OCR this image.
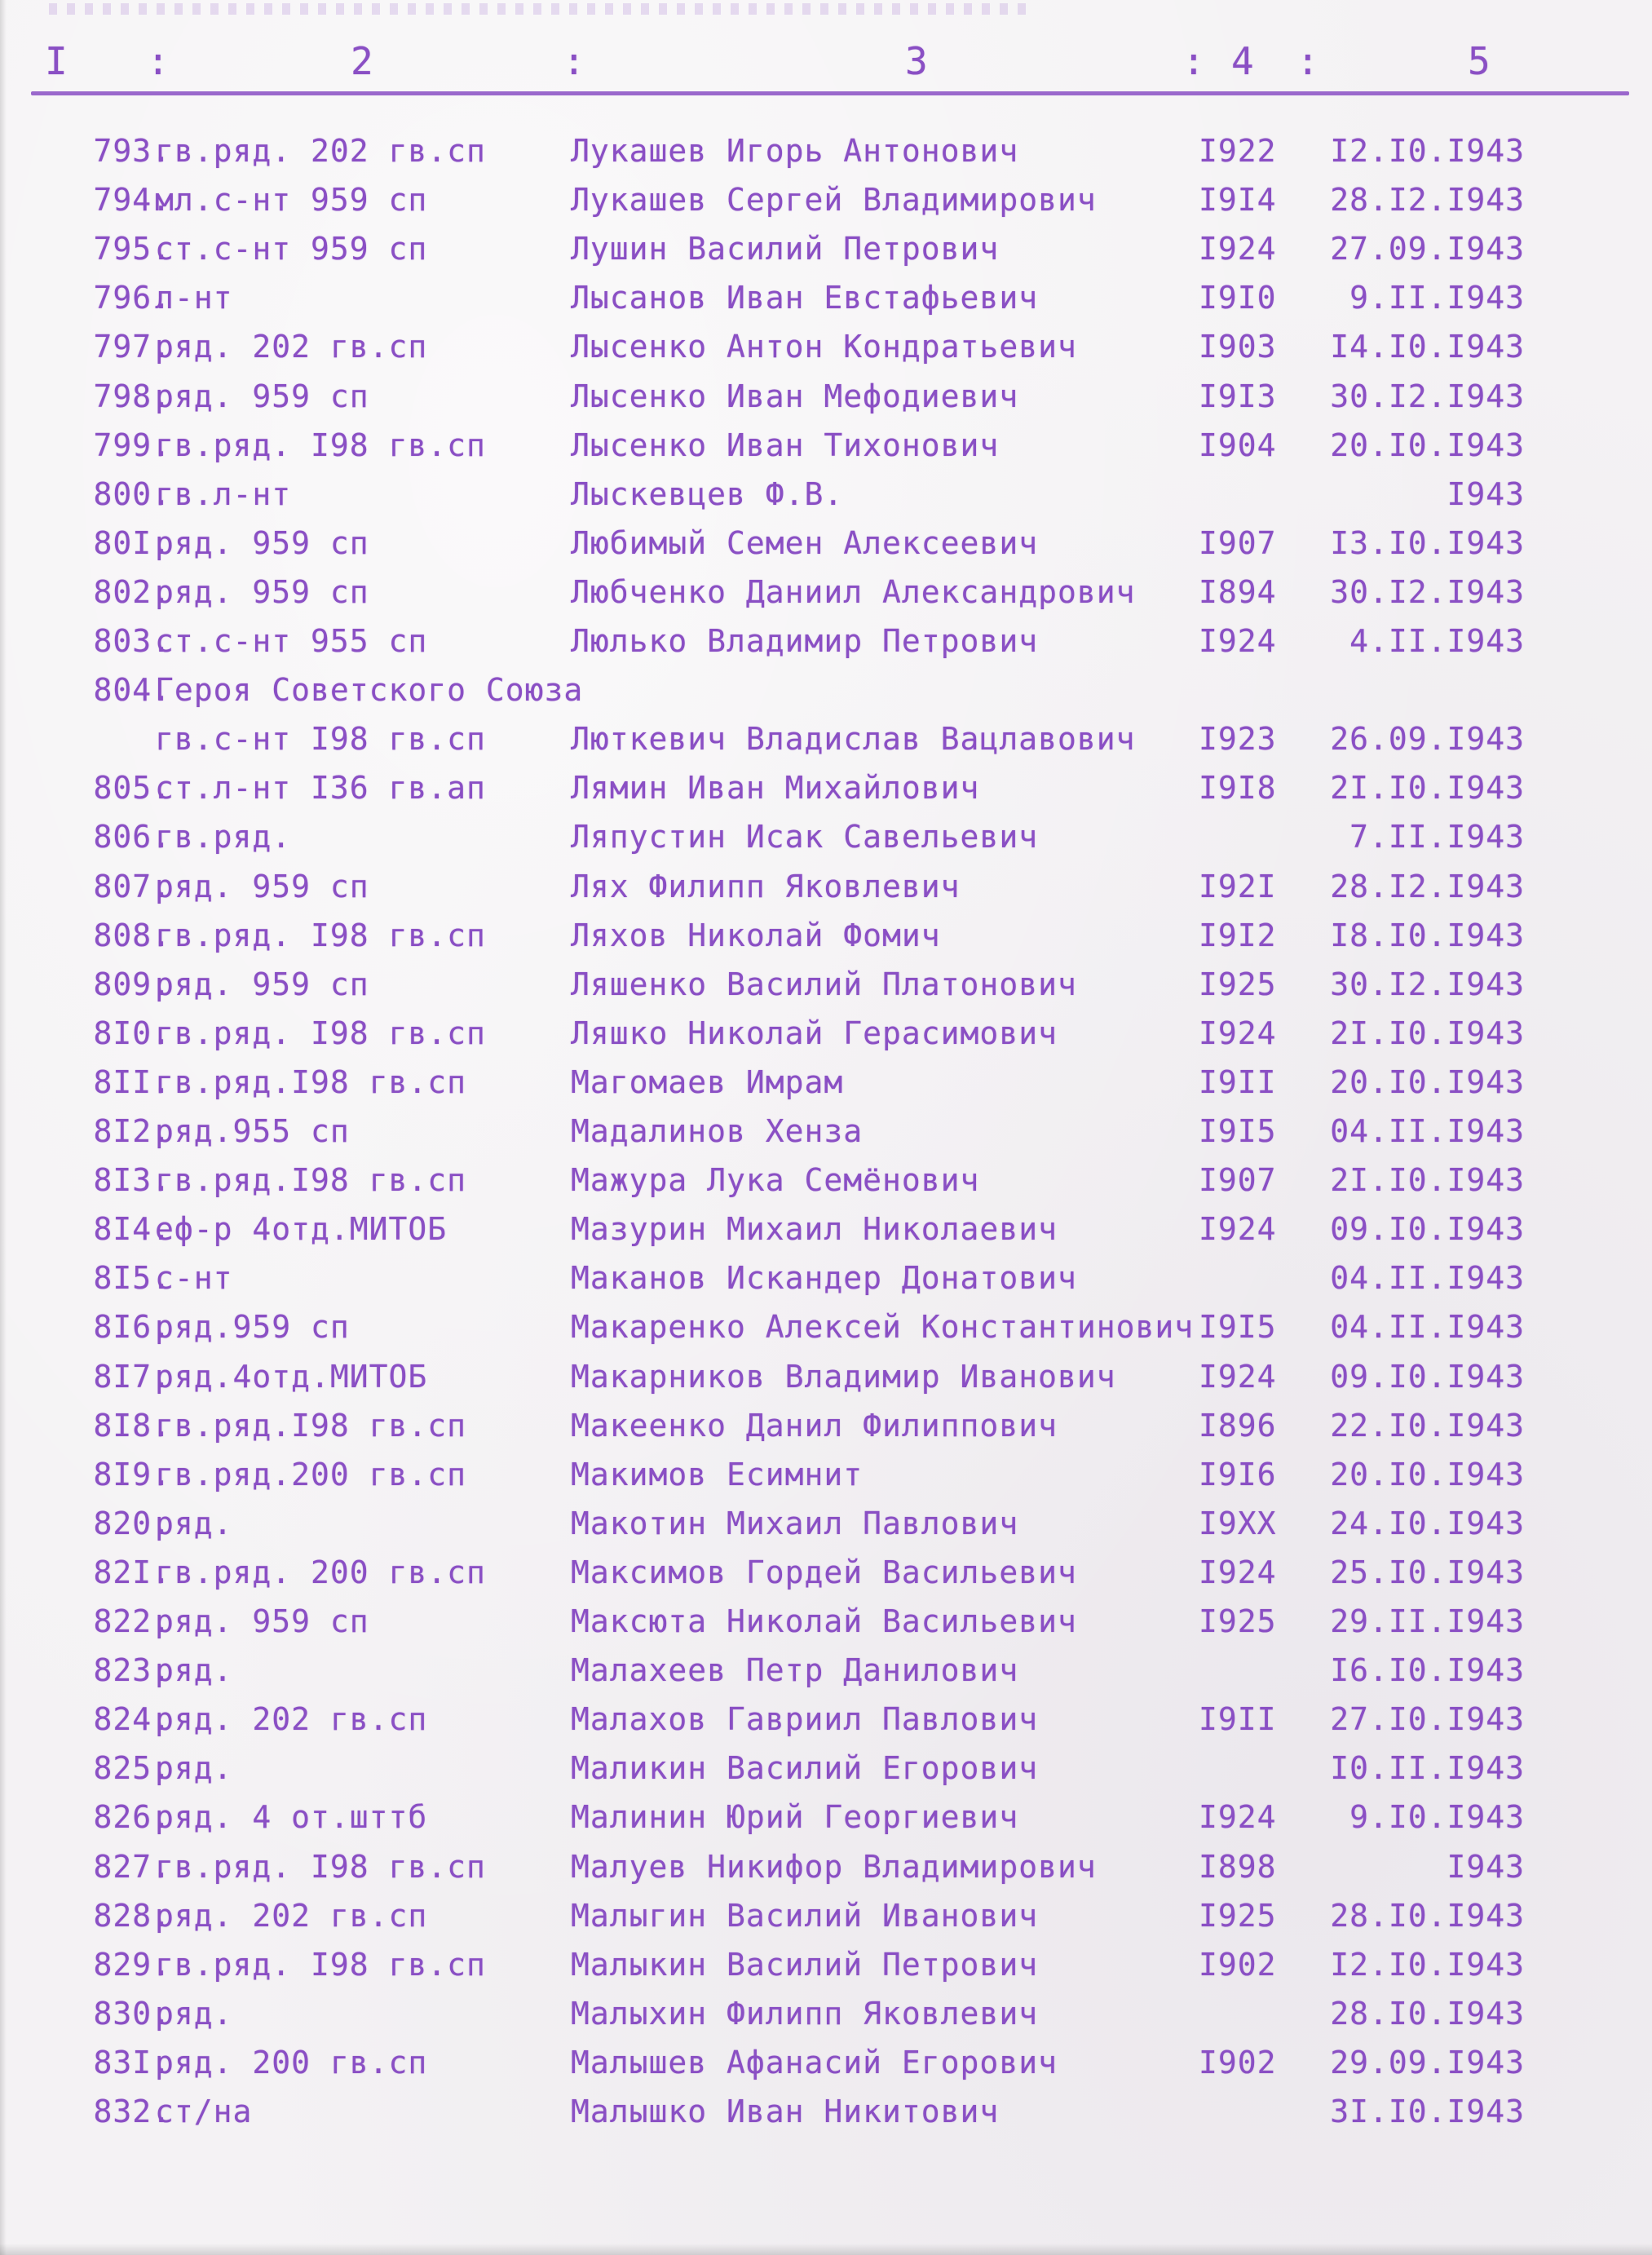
I :	2	:	3	: 4 :	5
793.
гв.ряд. 202 гв.сп	Лукашев Игорь Антонович	I922	I2.I0.I943
794.
мл.с-нт 959 сп	Лукашев Сергей Владимирович	I9I4	28.I2.I943
795.
ст.с-нт 959 сп	Лушин Василий Петрович	I924	27.09.I943
796.
л-нт	Лысанов Иван Евстафьевич	I9I0	9.II.I943
797.
ряд. 202 гв.сп	Лысенко Антон Кондратьевич	I903	I4.I0.I943
798.
ряд. 959 сп	Лысенко Иван Мефодиевич	I9I3	30.I2.I943
799.
гв.ряд. I98 гв.сп	Лысенко Иван Тихонович	I904	20.I0.I943
800.
гв.л-нт	Лыскевцев Ф.В.	I943
80I.
ряд. 959 сп	Любимый Семен Алексеевич	I907	I3.I0.I943
802.
ряд. 959 сп	Любченко Даниил Александрович I894	30.I2.I943
803.
ст.с-нт 955 сп	Люлько Владимир Петрович	I924	4.II.I943
804.
Героя Советского Союза
гв.с-нт I98 гв.сп	Люткевич Владислав Вацлавович I923	26.09.I943
805.
ст.л-нт I36 гв.ап	Лямин Иван Михайлович	I9I8	2I.I0.I943
806.
гв.ряд.	Ляпустин Исак Савельевич	7.II.I943
807.
ряд. 959 сп	Лях Филипп Яковлевич	I92I	28.I2.I943
808.
гв.ряд. I98 гв.сп	Ляхов Николай Фомич	I9I2	I8.I0.I943
809.
ряд. 959 сп	Ляшенко Василий Платонович	I925	30.I2.I943
8I0.
гв.ряд. I98 гв.сп	Ляшко Николай Герасимович	I924	2I.I0.I943
8II.
гв.ряд.I98 гв.сп	Магомаев Имрам	I9II	20.I0.I943
8I2.
ряд.955 сп	Мадалинов Хенза	I9I5	04.II.I943
8I3.
гв.ряд.I98 гв.сп	Мажура Лука Семёнович	I907	2I.I0.I943
8I4.
еф-р 4отд.МИТОБ	Мазурин Михаил Николаевич	I924	09.I0.I943
8I5.
с-нт	Маканов Искандер Донатович	04.II.I943
8I6.
ряд.959 сп	Макаренко Алексей Константинович I9I5	04.II.I943
8I7.
ряд.4отд.МИТОБ	Макарников Владимир Иванович	I924	09.I0.I943
8I8.
гв.ряд.I98 гв.сп	Макеенко Данил Филиппович	I896	22.I0.I943
8I9.
гв.ряд.200 гв.сп	Макимов Есимнит	I9I6	20.I0.I943
820.
ряд.	Макотин Михаил Павлович	I9XX	24.I0.I943
82I.
гв.ряд. 200 гв.сп	Максимов Гордей Васильевич	I924	25.I0.I943
822.
ряд. 959 сп	Максюта Николай Васильевич	I925	29.II.I943
823.
ряд.	Малахеев Петр Данилович	I6.I0.I943
824.
ряд. 202 гв.сп	Малахов Гавриил Павлович	I9II	27.I0.I943
825.
ряд.	Маликин Василий Егорович	I0.II.I943
826.
ряд. 4 от.шттб	Малинин Юрий Георгиевич	I924	9.I0.I943
827.
гв.ряд. I98 гв.сп	Малуев Никифор Владимирович	I898	I943
828.
ряд. 202 гв.сп	Малыгин Василий Иванович	I925	28.I0.I943
829.
гв.ряд. I98 гв.сп	Малыкин Василий Петрович	I902	I2.I0.I943
830.
ряд.	Малыхин Филипп Яковлевич	28.I0.I943
83I.
ряд. 200 гв.сп	Малышев Афанасий Егорович	I902	29.09.I943
832.
ст/на	Малышко Иван Никитович	3I.I0.I943
